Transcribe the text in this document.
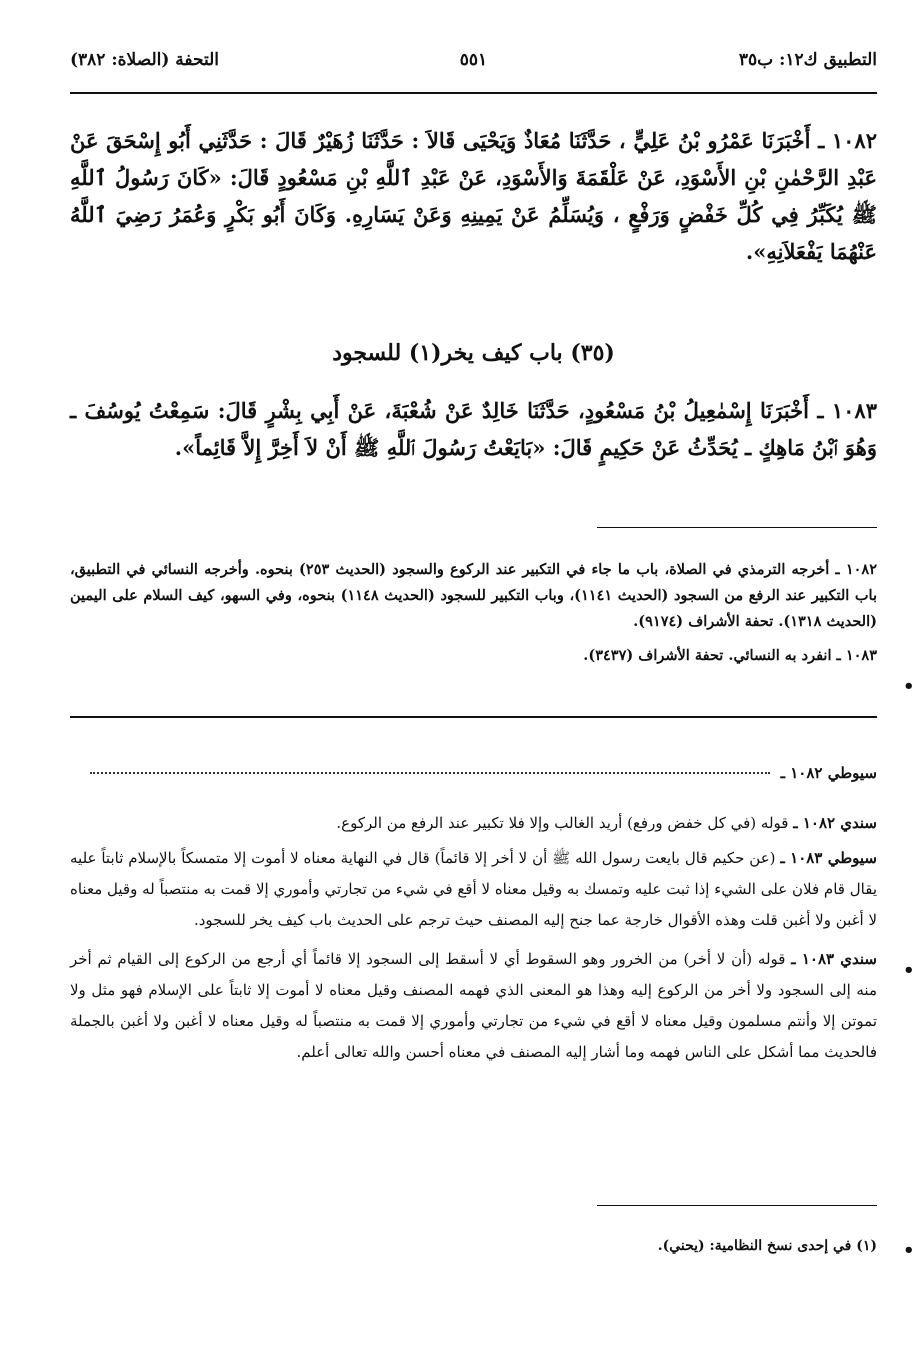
التطبيق ك١٢: ب٣٥
٥٥١
التحفة (الصلاة: ٣٨٢)

١٠٨٢ ـ أَخْبَرَنَا عَمْرُو بْنُ عَلِيٍّ ، حَدَّثَنَا مُعَاذٌ وَيَحْيَى قَالاَ : حَدَّثَنَا زُهَيْرٌ قَالَ : حَدَّثَنِي أَبُو إِسْحَقَ عَنْ عَبْدِ الرَّحْمٰنِ بْنِ الأَسْوَدِ، عَنْ عَلْقَمَةَ وَالأَسْوَدِ، عَنْ عَبْدِ ٱللَّهِ بْنِ مَسْعُودٍ قَالَ: «كَانَ رَسُولُ ٱللَّهِ ﷺ يُكَبِّرُ فِي كُلِّ خَفْضٍ وَرَفْعٍ ، وَيُسَلِّمُ عَنْ يَمِينِهِ وَعَنْ يَسَارِهِ. وَكَانَ أَبُو بَكْرٍ وَعُمَرُ رَضِيَ ٱللَّهُ عَنْهُمَا يَفْعَلاَنِهِ».

(٣٥) باب كيف يخر(١) للسجود

١٠٨٣ ـ أَخْبَرَنَا إِسْمٰعِيلُ بْنُ مَسْعُودٍ، حَدَّثَنَا خَالِدٌ عَنْ شُعْبَةَ، عَنْ أَبِي بِشْرٍ قَالَ: سَمِعْتُ يُوسُفَ ـ وَهُوَ ٱبْنُ مَاهِكٍ ـ يُحَدِّثُ عَنْ حَكِيمٍ قَالَ: «بَايَعْتُ رَسُولَ ٱللَّهِ ﷺ أَنْ لاَ أَخِرَّ إِلاَّ قَائِماً».

١٠٨٢ ـ أخرجه الترمذي في الصلاة، باب ما جاء في التكبير عند الركوع والسجود (الحديث ٢٥٣) بنحوه. وأخرجه النسائي في التطبيق، باب التكبير عند الرفع من السجود (الحديث ١١٤١)، وباب التكبير للسجود (الحديث ١١٤٨) بنحوه، وفي السهو، كيف السلام على اليمين (الحديث ١٣١٨). تحفة الأشراف (٩١٧٤).

١٠٨٣ ـ انفرد به النسائي. تحفة الأشراف (٣٤٣٧).

•
سيوطي ١٠٨٢ ـ

سندي ١٠٨٢ ـ قوله (في كل خفض ورفع) أريد الغالب وإلا فلا تكبير عند الرفع من الركوع.

سيوطي ١٠٨٣ ـ (عن حكيم قال بايعت رسول الله ﷺ أن لا أخر إلا قائماً) قال في النهاية معناه لا أموت إلا متمسكاً بالإسلام ثابتاً عليه يقال قام فلان على الشيء إذا ثبت عليه وتمسك به وقيل معناه لا أقع في شيء من تجارتي وأموري إلا قمت به منتصباً له وقيل معناه لا أغبن ولا أغبن قلت وهذه الأقوال خارجة عما جنح إليه المصنف حيث ترجم على الحديث باب كيف يخر للسجود.

سندي ١٠٨٣ ـ قوله (أن لا أخر) من الخرور وهو السقوط أي لا أسقط إلى السجود إلا قائماً أي أرجع من الركوع إلى القيام ثم أخر منه إلى السجود ولا أخر من الركوع إليه وهذا هو المعنى الذي فهمه المصنف وقيل معناه لا أموت إلا ثابتاً على الإسلام فهو مثل ولا تموتن إلا وأنتم مسلمون وقيل معناه لا أقع في شيء من تجارتي وأموري إلا قمت به منتصباً له وقيل معناه لا أغبن ولا أغبن بالجملة فالحديث مما أشكل على الناس فهمه وما أشار إليه المصنف في معناه أحسن والله تعالى أعلم.

•
(١) في إحدى نسخ النظامية: (يحني). •
